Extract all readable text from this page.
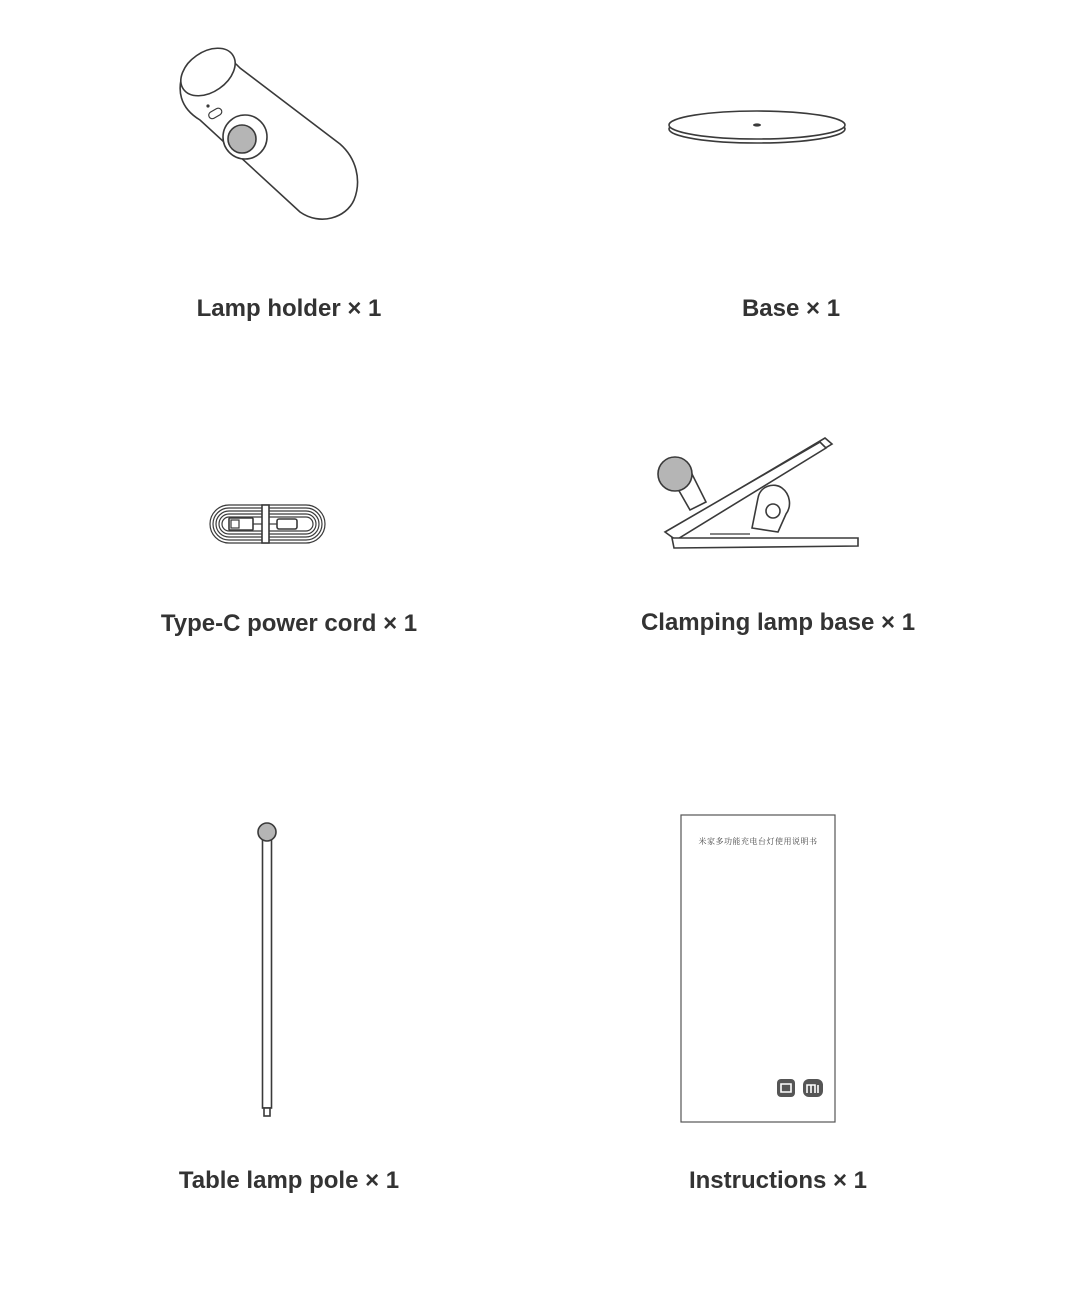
米家多功能充电台灯使用说明书
Lamp holder × 1	Base × 1
Type-C power cord × 1	Clamping lamp base × 1
Table lamp pole × 1	Instructions × 1
